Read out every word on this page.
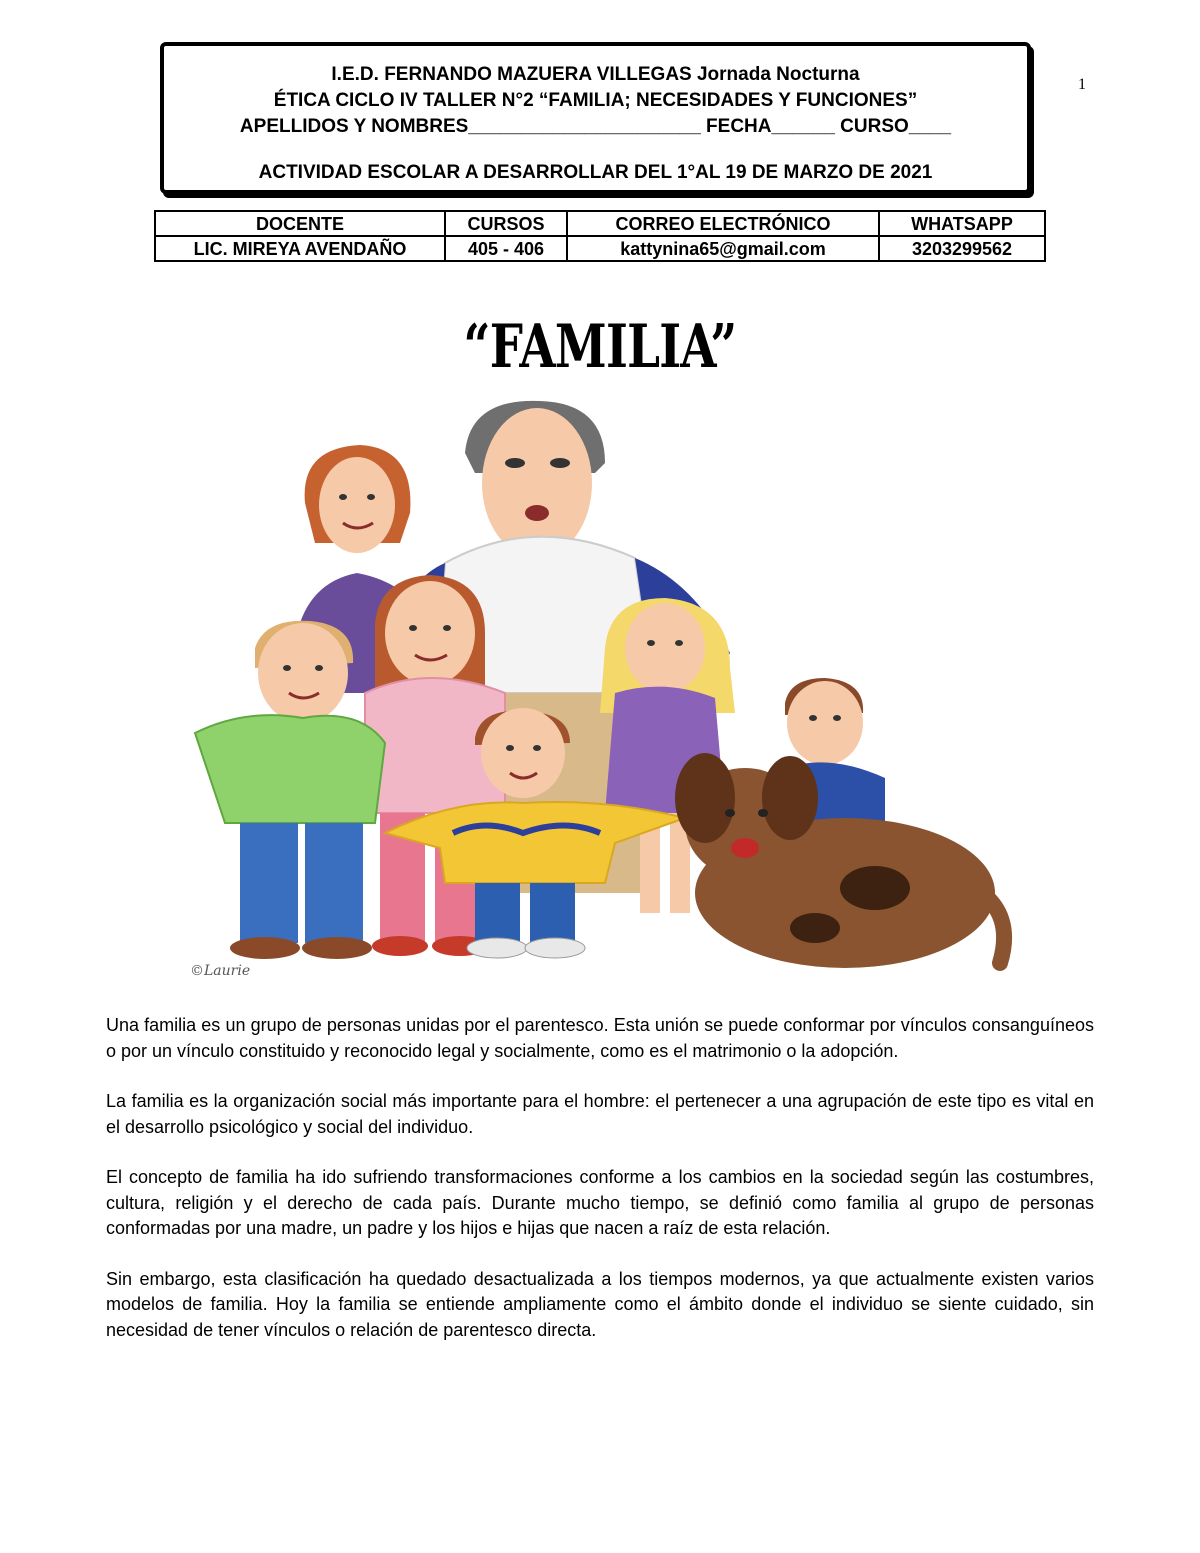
1
I.E.D. FERNANDO MAZUERA VILLEGAS Jornada Nocturna
ÉTICA CICLO IV TALLER N°2 “FAMILIA; NECESIDADES Y FUNCIONES”
APELLIDOS Y NOMBRES______________________ FECHA______ CURSO____
ACTIVIDAD ESCOLAR A DESARROLLAR DEL 1°AL 19 DE MARZO DE 2021
DOCENTE	CURSOS	CORREO ELECTRÓNICO	WHATSAPP
LIC. MIREYA AVENDAÑO	405 - 406	kattynina65@gmail.com	3203299562
“FAMILIA”
©Laurie

Una familia es un grupo de personas unidas por el parentesco. Esta unión se puede conformar por vínculos consanguíneos o por un vínculo constituido y reconocido legal y socialmente, como es el matrimonio o la adopción.

La familia es la organización social más importante para el hombre: el pertenecer a una agrupación de este tipo es vital en el desarrollo psicológico y social del individuo.

El concepto de familia ha ido sufriendo transformaciones conforme a los cambios en la sociedad según las costumbres, cultura, religión y el derecho de cada país. Durante mucho tiempo, se definió como familia al grupo de personas conformadas por una madre, un padre y los hijos e hijas que nacen a raíz de esta relación.

Sin embargo, esta clasificación ha quedado desactualizada a los tiempos modernos, ya que actualmente existen varios modelos de familia. Hoy la familia se entiende ampliamente como el ámbito donde el individuo se siente cuidado, sin necesidad de tener vínculos o relación de parentesco directa.
